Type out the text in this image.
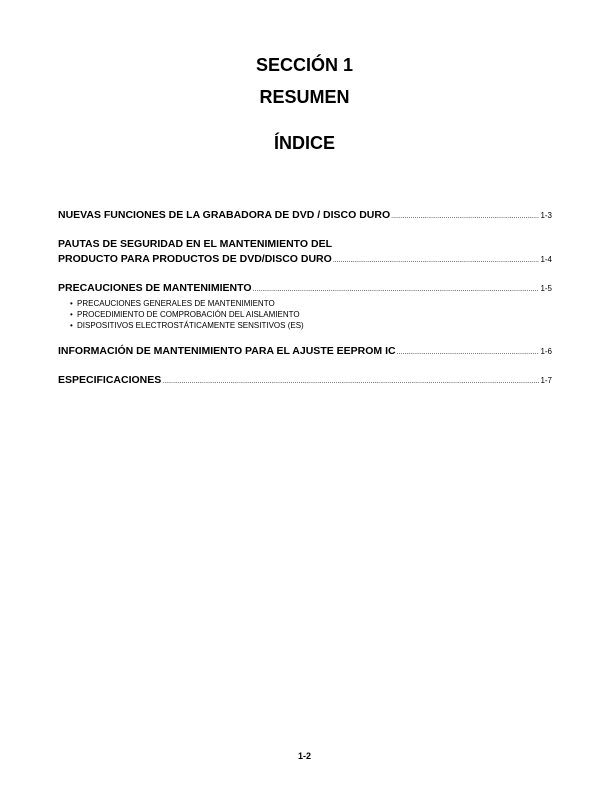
SECCIÓN 1
RESUMEN
ÍNDICE
NUEVAS FUNCIONES DE LA GRABADORA DE DVD / DISCO DURO .....	1-3
PAUTAS DE SEGURIDAD EN EL MANTENIMIENTO DEL
PRODUCTO PARA PRODUCTOS DE DVD/DISCO DURO .....	1-4
PRECAUCIONES DE MANTENIMIENTO .....	1-5
• PRECAUCIONES GENERALES DE MANTENIMIENTO
• PROCEDIMIENTO DE COMPROBACIÓN DEL AISLAMIENTO
• DISPOSITIVOS ELECTROSTÁTICAMENTE SENSITIVOS (ES)
INFORMACIÓN DE MANTENIMIENTO PARA EL AJUSTE EEPROM IC .....	1-6
ESPECIFICACIONES .....	1-7
1-2
